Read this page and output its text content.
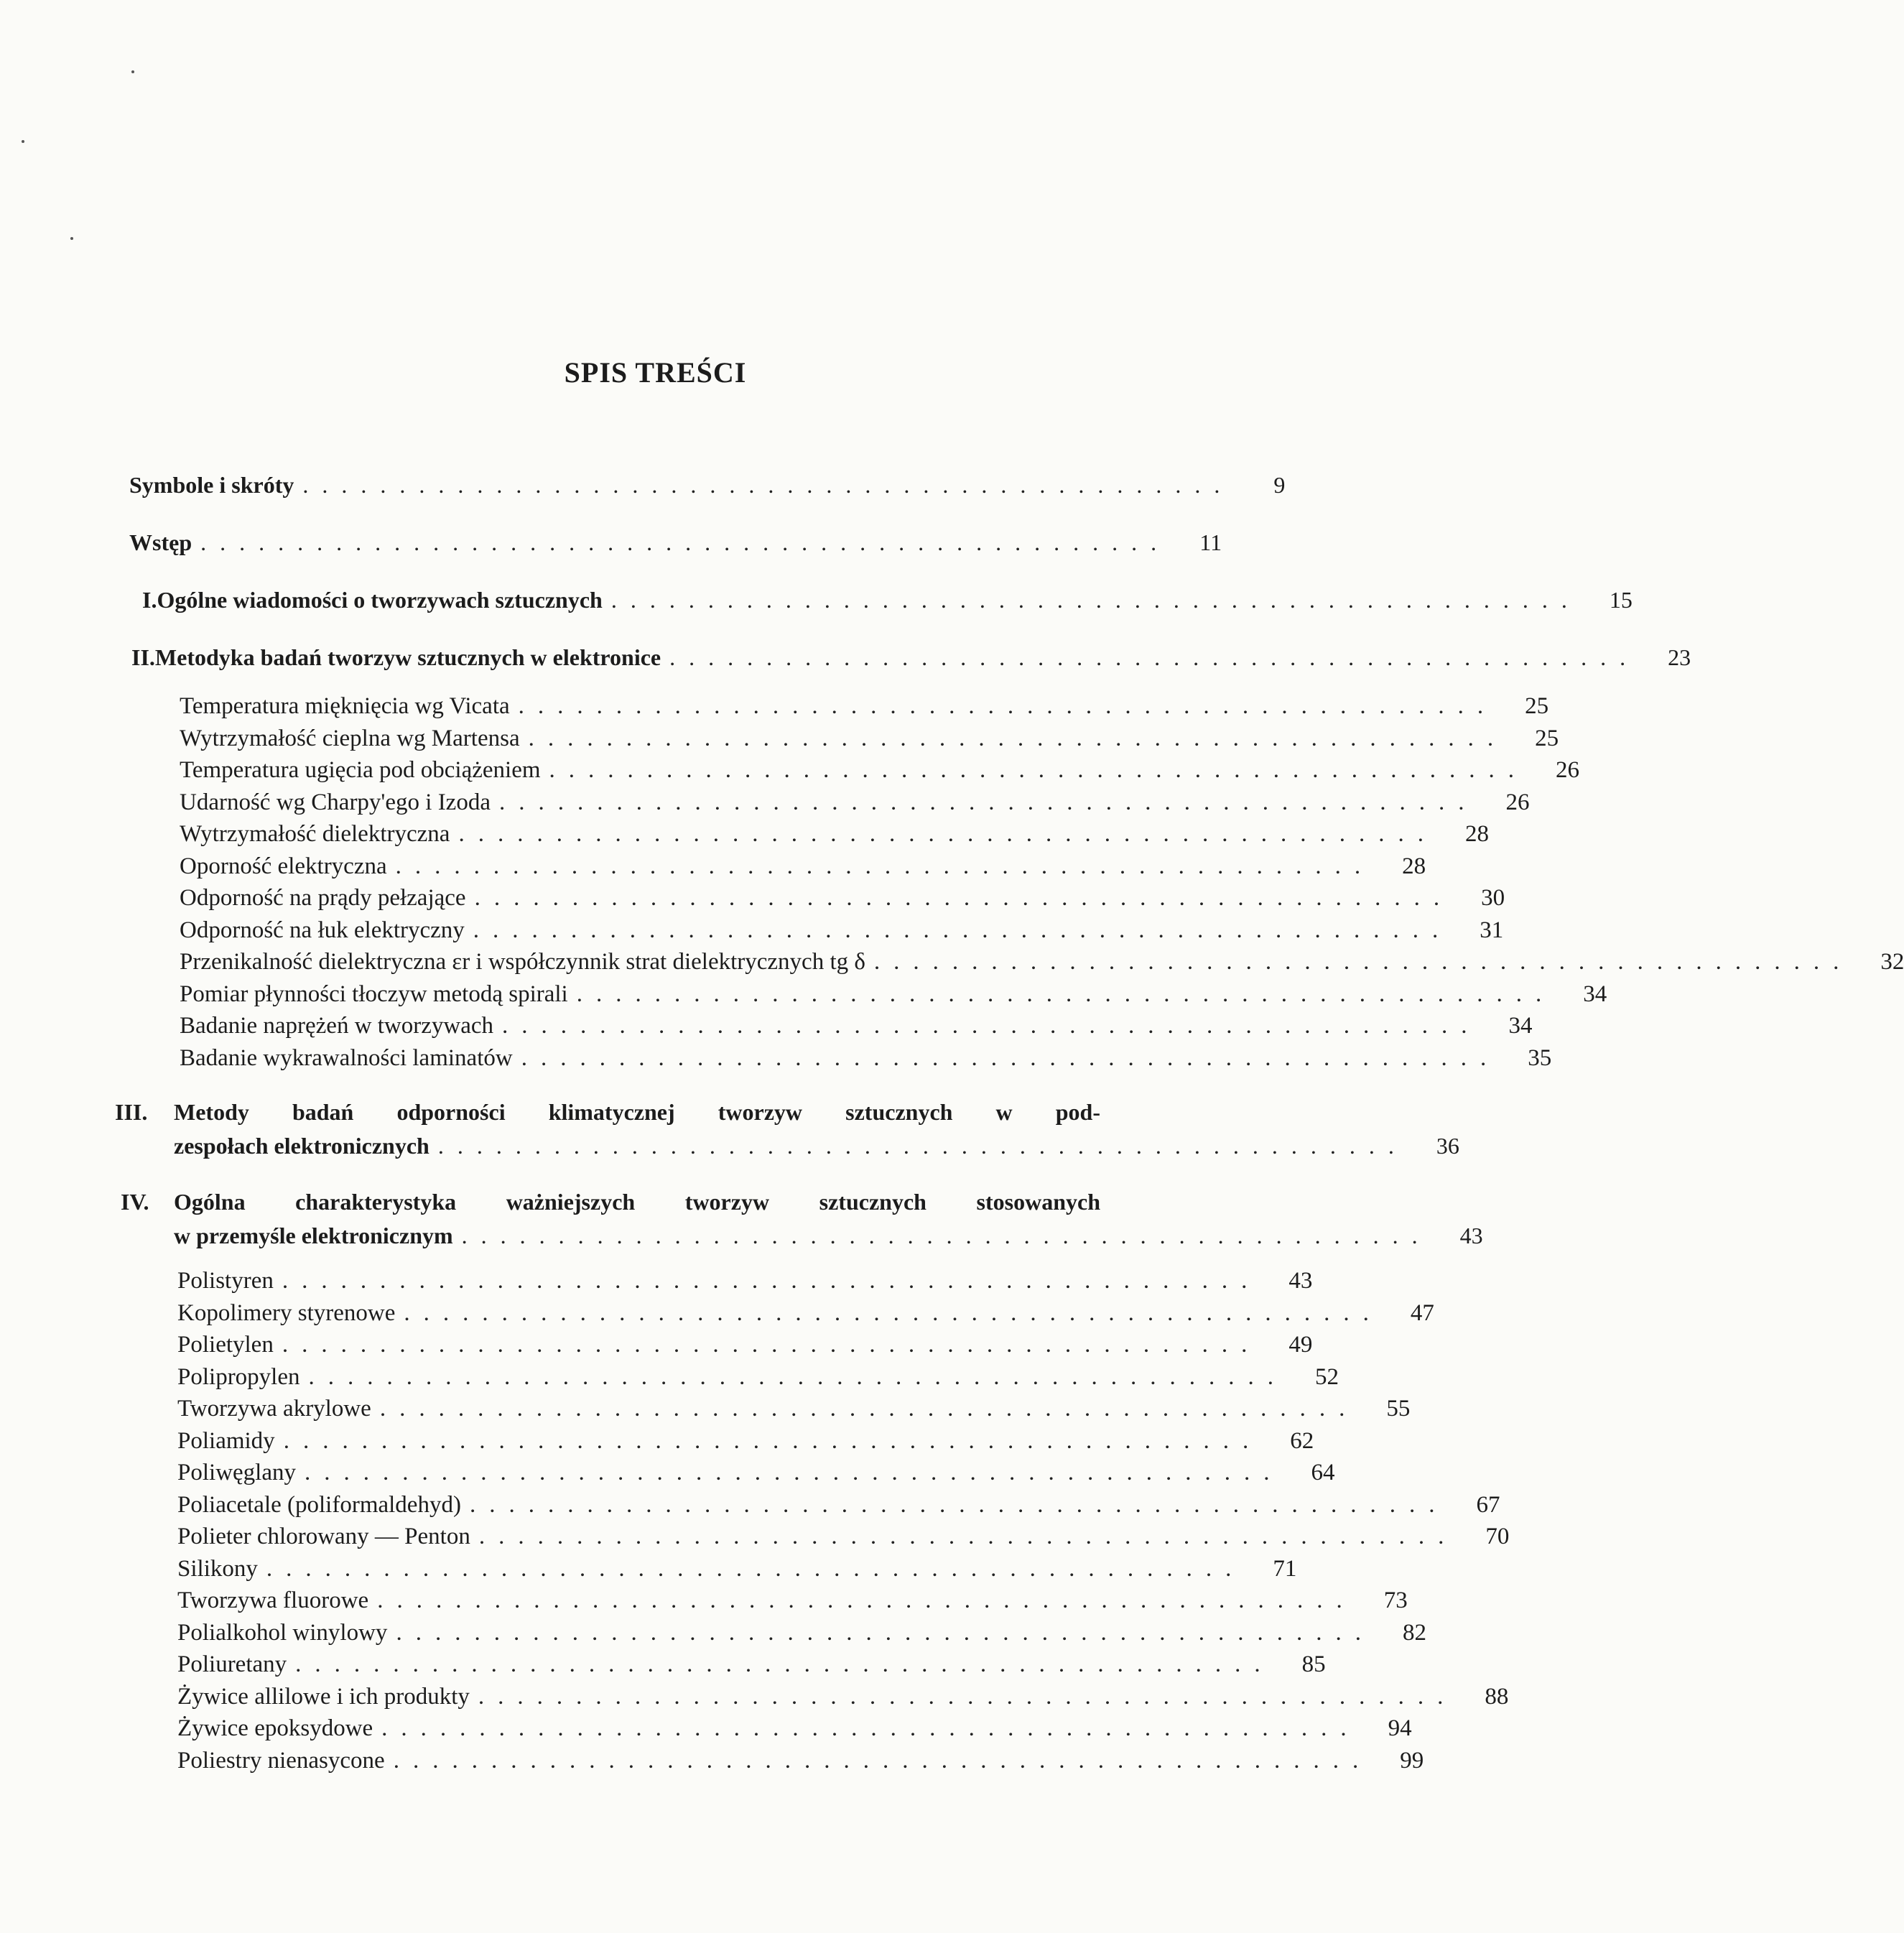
SPIS TREŚCI
Symbole i skróty ................................................	9
Wstęp ..................................................	11
I. Ogólne wiadomości o tworzywach sztucznych ..................................................	15
II. Metodyka badań tworzyw sztucznych w elektronice ..................................................	23
Temperatura mięknięcia wg Vicata ..................................................	25
Wytrzymałość cieplna wg Martensa ..................................................	25
Temperatura ugięcia pod obciążeniem ..................................................	26
Udarność wg Charpy'ego i Izoda ..................................................	26
Wytrzymałość dielektryczna ..................................................	28
Oporność elektryczna ..................................................	28
Odporność na prądy pełzające ..................................................	30
Odporność na łuk elektryczny ..................................................	31
Przenikalność dielektryczna εr i współczynnik strat dielektrycznych tg δ ..................................................	32
Pomiar płynności tłoczyw metodą spirali ..................................................	34
Badanie naprężeń w tworzywach ..................................................	34
Badanie wykrawalności laminatów ..................................................	35
III.	Metody badań odporności klimatycznej tworzyw sztucznych w pod-
zespołach elektronicznych ..................................................	36
IV.	Ogólna charakterystyka ważniejszych tworzyw sztucznych stosowanych
w przemyśle elektronicznym ..................................................	43
Polistyren ..................................................	43
Kopolimery styrenowe ..................................................	47
Polietylen ..................................................	49
Polipropylen ..................................................	52
Tworzywa akrylowe ..................................................	55
Poliamidy ..................................................	62
Poliwęglany ..................................................	64
Poliacetale (poliformaldehyd) ..................................................	67
Polieter chlorowany — Penton ..................................................	70
Silikony ..................................................	71
Tworzywa fluorowe ..................................................	73
Polialkohol winylowy ..................................................	82
Poliuretany ..................................................	85
Żywice allilowe i ich produkty ..................................................	88
Żywice epoksydowe ..................................................	94
Poliestry nienasycone ..................................................	99
